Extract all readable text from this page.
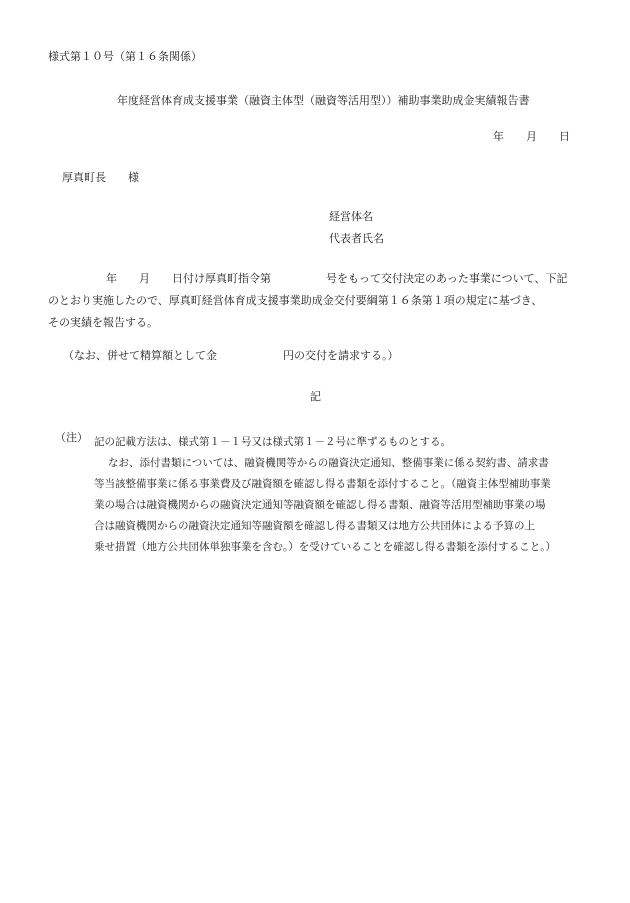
様式第１０号（第１６条関係）
年度経営体育成支援事業（融資主体型（融資等活用型））補助事業助成金実績報告書
年　　月　　日
厚真町長　　様
経営体名
代表者氏名
年　　月　　日付け厚真町指令第　　　　　号をもって交付決定のあった事業について、下記
のとおり実施したので、厚真町経営体育成支援事業助成金交付要綱第１６条第１項の規定に基づき、
その実績を報告する。
（なお、併せて精算額として金　　　　　　円の交付を請求する。）
記
（注） 記の記載方法は、様式第１－１号又は様式第１－２号に準ずるものとする。
なお、添付書類については、融資機関等からの融資決定通知、整備事業に係る契約書、請求書
等当該整備事業に係る事業費及び融資額を確認し得る書類を添付すること。（融資主体型補助事業
業の場合は融資機関からの融資決定通知等融資額を確認し得る書類、融資等活用型補助事業の場
合は融資機関からの融資決定通知等融資額を確認し得る書類又は地方公共団体による予算の上
乗せ措置（地方公共団体単独事業を含む。）を受けていることを確認し得る書類を添付すること。）
